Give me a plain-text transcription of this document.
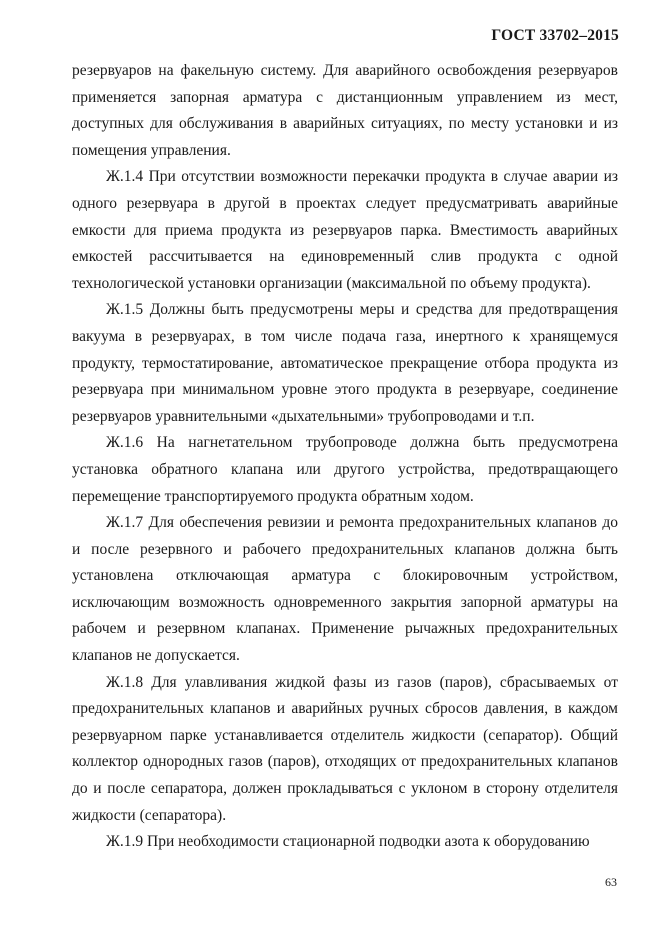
ГОСТ 33702–2015

резервуаров на факельную систему. Для аварийного освобождения резервуаров применяется запорная арматура с дистанционным управлением из мест, доступных для обслуживания в аварийных ситуациях, по месту установки и из помещения управления.

Ж.1.4 При отсутствии возможности перекачки продукта в случае аварии из одного резервуара в другой в проектах следует предусматривать аварийные емкости для приема продукта из резервуаров парка. Вместимость аварийных емкостей рассчитывается на единовременный слив продукта с одной технологической установки организации (максимальной по объему продукта).

Ж.1.5 Должны быть предусмотрены меры и средства для предотвращения вакуума в резервуарах, в том числе подача газа, инертного к хранящемуся продукту, термостатирование, автоматическое прекращение отбора продукта из резервуара при минимальном уровне этого продукта в резервуаре, соединение резервуаров уравнительными «дыхательными» трубопроводами и т.п.

Ж.1.6 На нагнетательном трубопроводе должна быть предусмотрена установка обратного клапана или другого устройства, предотвращающего перемещение транспортируемого продукта обратным ходом.

Ж.1.7 Для обеспечения ревизии и ремонта предохранительных клапанов до и после резервного и рабочего предохранительных клапанов должна быть установлена отключающая арматура с блокировочным устройством, исключающим возможность одновременного закрытия запорной арматуры на рабочем и резервном клапанах. Применение рычажных предохранительных клапанов не допускается.

Ж.1.8 Для улавливания жидкой фазы из газов (паров), сбрасываемых от предохранительных клапанов и аварийных ручных сбросов давления, в каждом резервуарном парке устанавливается отделитель жидкости (сепаратор). Общий коллектор однородных газов (паров), отходящих от предохранительных клапанов до и после сепаратора, должен прокладываться с уклоном в сторону отделителя жидкости (сепаратора).

Ж.1.9 При необходимости стационарной подводки азота к оборудованию

63
